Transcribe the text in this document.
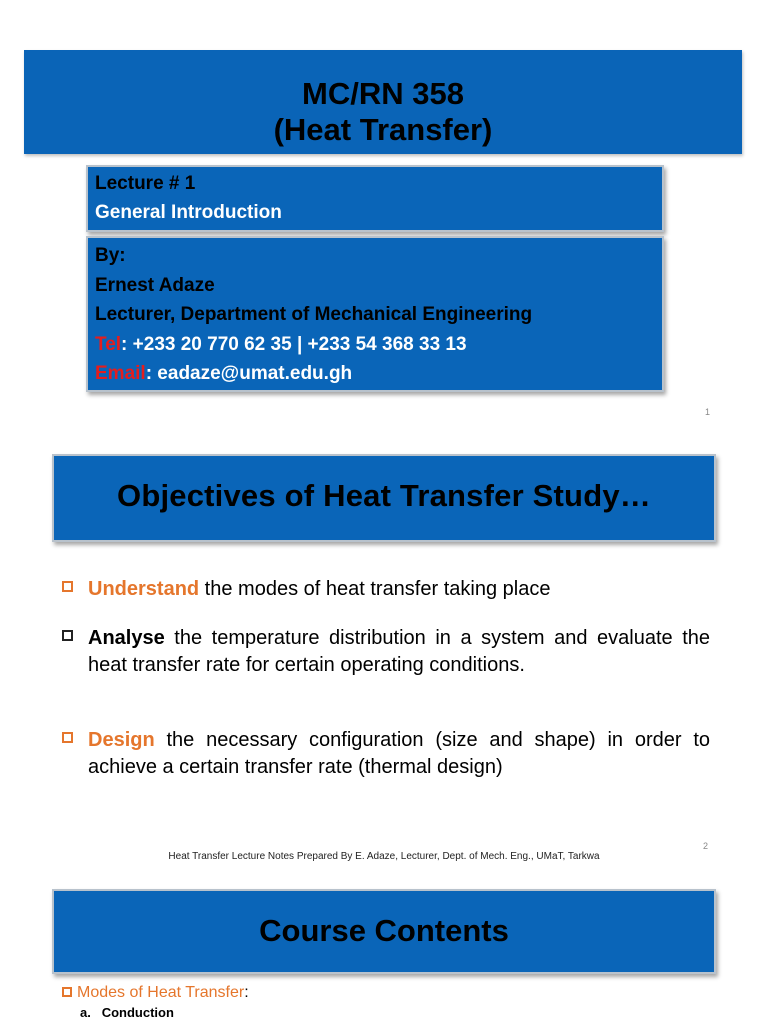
MC/RN 358
(Heat Transfer)
Lecture # 1
General Introduction
By:
Ernest Adaze
Lecturer, Department of Mechanical Engineering
Tel: +233 20 770 62 35 | +233 54 368 33 13
Email: eadaze@umat.edu.gh
1
Objectives of Heat Transfer Study…
Understand the modes of heat transfer taking place
Analyse the temperature distribution in a system and evaluate the heat transfer rate for certain operating conditions.
Design the necessary configuration (size and shape) in order to achieve a certain transfer rate (thermal design)
Heat Transfer Lecture Notes Prepared By E. Adaze, Lecturer, Dept. of Mech. Eng., UMaT, Tarkwa
2
Course Contents
Modes of Heat Transfer:
a. Conduction
